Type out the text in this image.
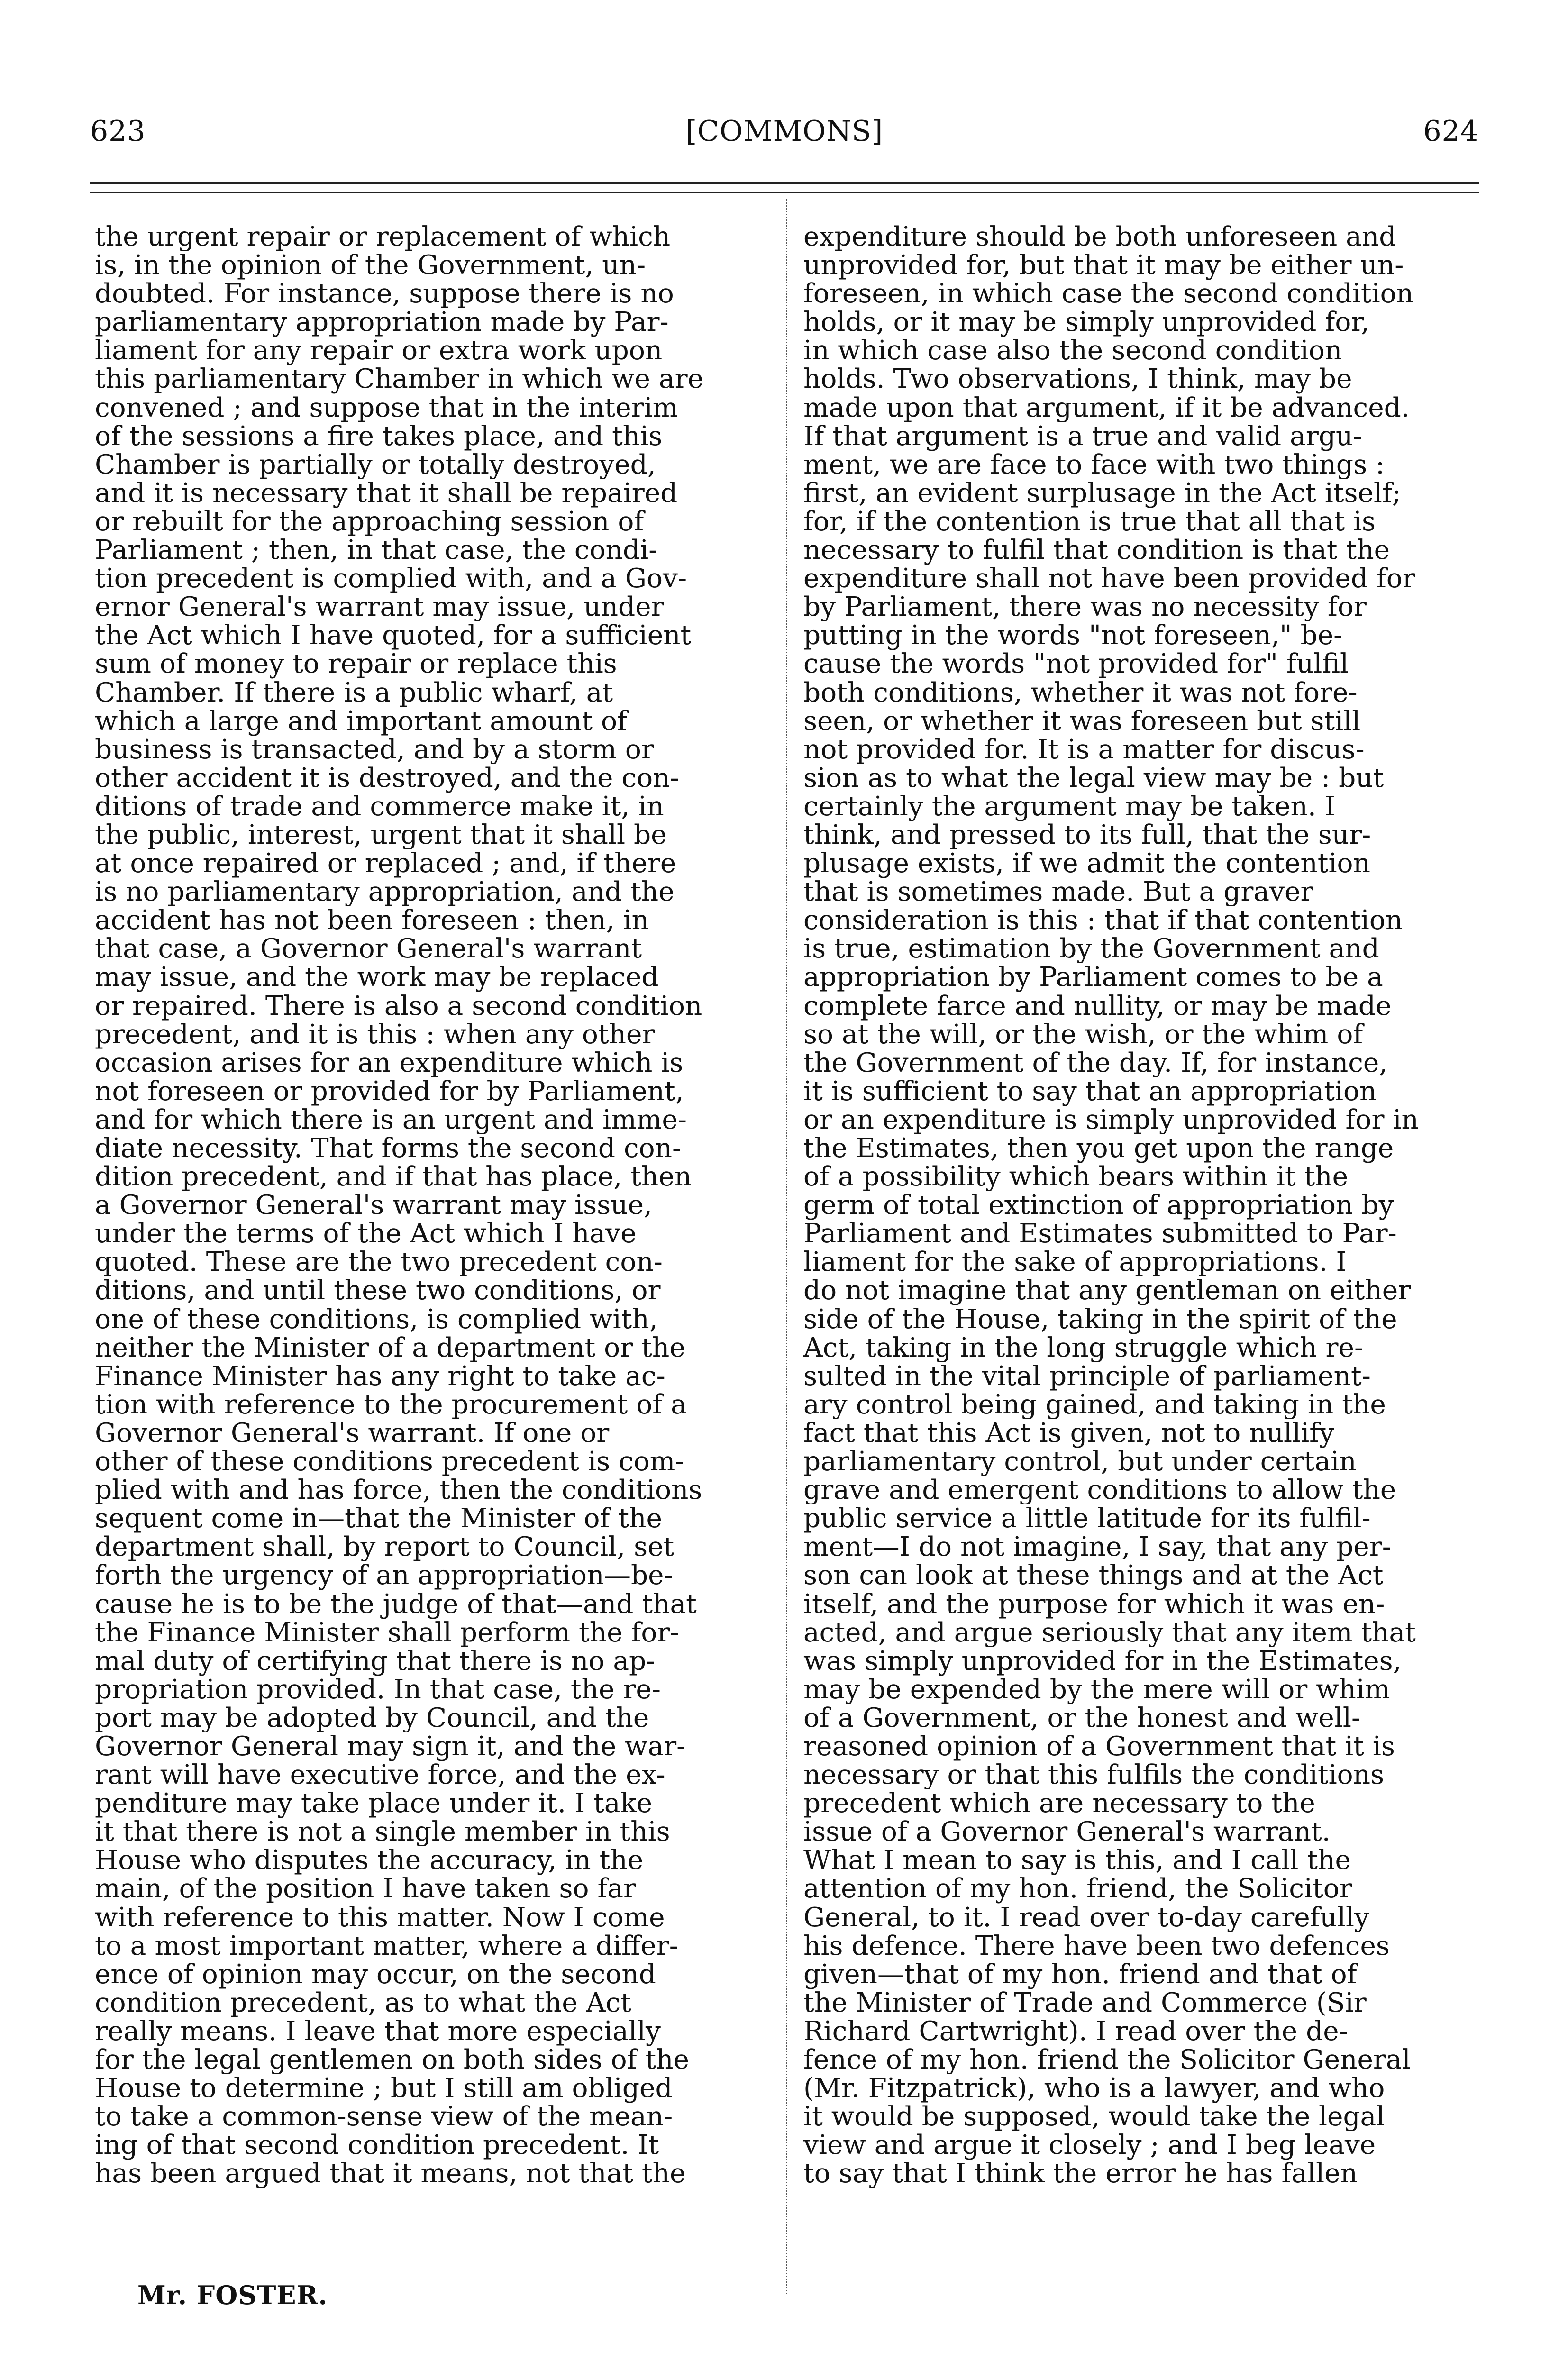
623	[COMMONS]	624
the urgent repair or replacement of which
is, in the opinion of the Government, un-
doubted. For instance, suppose there is no
parliamentary appropriation made by Par-
liament for any repair or extra work upon
this parliamentary Chamber in which we are
convened ; and suppose that in the interim
of the sessions a fire takes place, and this
Chamber is partially or totally destroyed,
and it is necessary that it shall be repaired
or rebuilt for the approaching session of
Parliament ; then, in that case, the condi-
tion precedent is complied with, and a Gov-
ernor General's warrant may issue, under
the Act which I have quoted, for a sufficient
sum of money to repair or replace this
Chamber. If there is a public wharf, at
which a large and important amount of
business is transacted, and by a storm or
other accident it is destroyed, and the con-
ditions of trade and commerce make it, in
the public, interest, urgent that it shall be
at once repaired or replaced ; and, if there
is no parliamentary appropriation, and the
accident has not been foreseen : then, in
that case, a Governor General's warrant
may issue, and the work may be replaced
or repaired. There is also a second condition
precedent, and it is this : when any other
occasion arises for an expenditure which is
not foreseen or provided for by Parliament,
and for which there is an urgent and imme-
diate necessity. That forms the second con-
dition precedent, and if that has place, then
a Governor General's warrant may issue,
under the terms of the Act which I have
quoted. These are the two precedent con-
ditions, and until these two conditions, or
one of these conditions, is complied with,
neither the Minister of a department or the
Finance Minister has any right to take ac-
tion with reference to the procurement of a
Governor General's warrant. If one or
other of these conditions precedent is com-
plied with and has force, then the conditions
sequent come in—that the Minister of the
department shall, by report to Council, set
forth the urgency of an appropriation—be-
cause he is to be the judge of that—and that
the Finance Minister shall perform the for-
mal duty of certifying that there is no ap-
propriation provided. In that case, the re-
port may be adopted by Council, and the
Governor General may sign it, and the war-
rant will have executive force, and the ex-
penditure may take place under it. I take
it that there is not a single member in this
House who disputes the accuracy, in the
main, of the position I have taken so far
with reference to this matter. Now I come
to a most important matter, where a differ-
ence of opinion may occur, on the second
condition precedent, as to what the Act
really means. I leave that more especially
for the legal gentlemen on both sides of the
House to determine ; but I still am obliged
to take a common-sense view of the mean-
ing of that second condition precedent. It
has been argued that it means, not that the
expenditure should be both unforeseen and
unprovided for, but that it may be either un-
foreseen, in which case the second condition
holds, or it may be simply unprovided for,
in which case also the second condition
holds. Two observations, I think, may be
made upon that argument, if it be advanced.
If that argument is a true and valid argu-
ment, we are face to face with two things :
first, an evident surplusage in the Act itself;
for, if the contention is true that all that is
necessary to fulfil that condition is that the
expenditure shall not have been provided for
by Parliament, there was no necessity for
putting in the words "not foreseen," be-
cause the words "not provided for" fulfil
both conditions, whether it was not fore-
seen, or whether it was foreseen but still
not provided for. It is a matter for discus-
sion as to what the legal view may be : but
certainly the argument may be taken. I
think, and pressed to its full, that the sur-
plusage exists, if we admit the contention
that is sometimes made. But a graver
consideration is this : that if that contention
is true, estimation by the Government and
appropriation by Parliament comes to be a
complete farce and nullity, or may be made
so at the will, or the wish, or the whim of
the Government of the day. If, for instance,
it is sufficient to say that an appropriation
or an expenditure is simply unprovided for in
the Estimates, then you get upon the range
of a possibility which bears within it the
germ of total extinction of appropriation by
Parliament and Estimates submitted to Par-
liament for the sake of appropriations. I
do not imagine that any gentleman on either
side of the House, taking in the spirit of the
Act, taking in the long struggle which re-
sulted in the vital principle of parliament-
ary control being gained, and taking in the
fact that this Act is given, not to nullify
parliamentary control, but under certain
grave and emergent conditions to allow the
public service a little latitude for its fulfil-
ment—I do not imagine, I say, that any per-
son can look at these things and at the Act
itself, and the purpose for which it was en-
acted, and argue seriously that any item that
was simply unprovided for in the Estimates,
may be expended by the mere will or whim
of a Government, or the honest and well-
reasoned opinion of a Government that it is
necessary or that this fulfils the conditions
precedent which are necessary to the
issue of a Governor General's warrant.
What I mean to say is this, and I call the
attention of my hon. friend, the Solicitor
General, to it. I read over to-day carefully
his defence. There have been two defences
given—that of my hon. friend and that of
the Minister of Trade and Commerce (Sir
Richard Cartwright). I read over the de-
fence of my hon. friend the Solicitor General
(Mr. Fitzpatrick), who is a lawyer, and who
it would be supposed, would take the legal
view and argue it closely ; and I beg leave
to say that I think the error he has fallen
Mr. FOSTER.
